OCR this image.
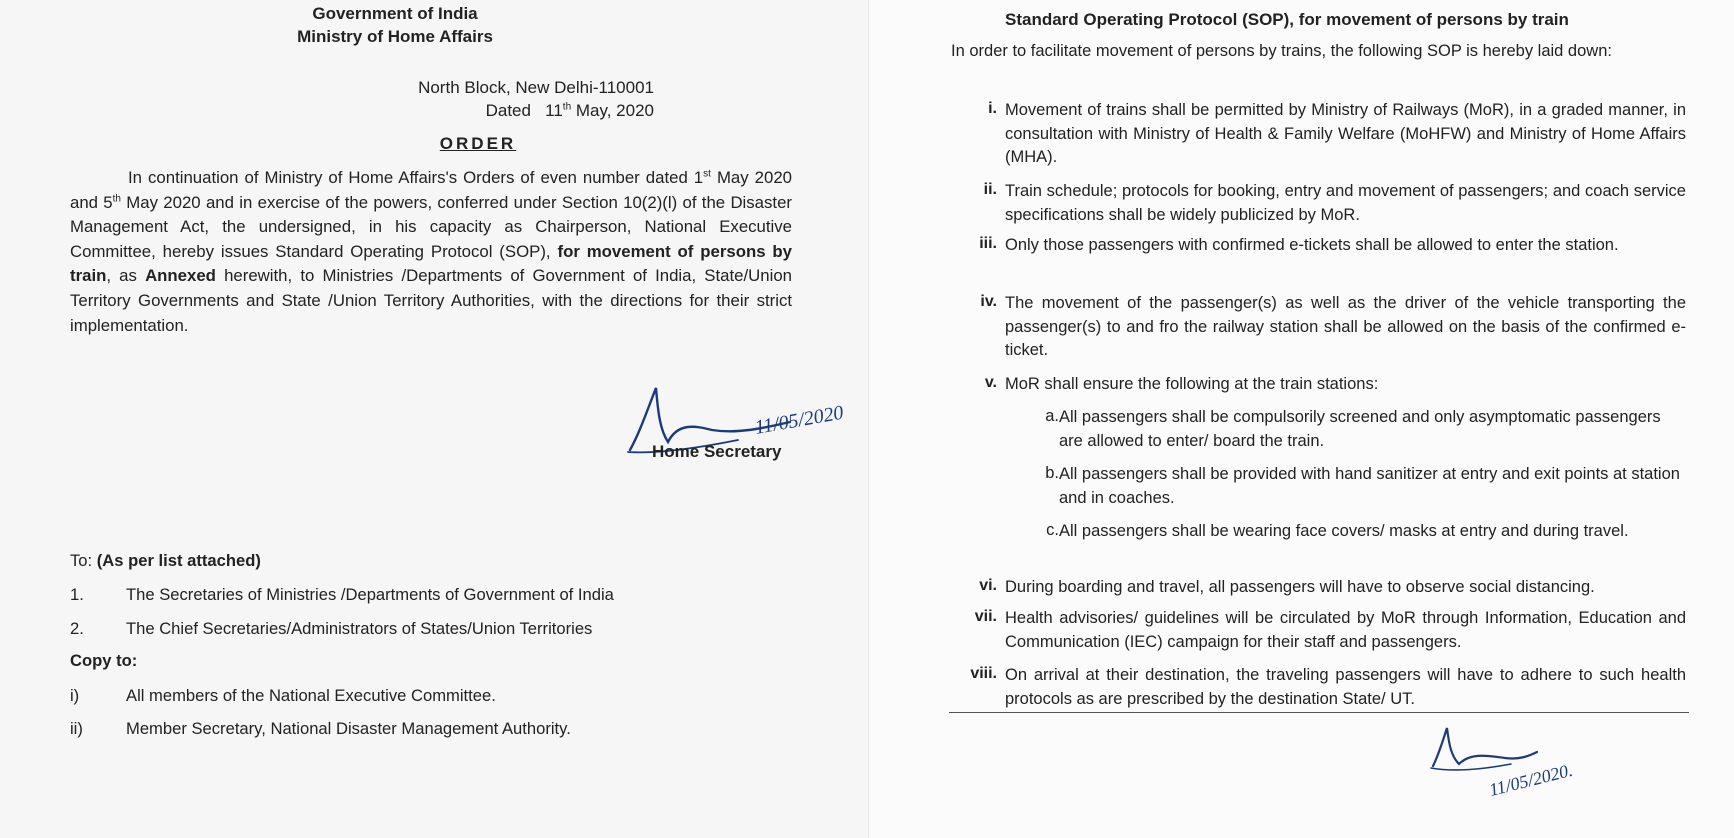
Government of India
Ministry of Home Affairs
North Block, New Delhi-110001
Dated 11th May, 2020
ORDER

In continuation of Ministry of Home Affairs's Orders of even number dated 1st May 2020 and 5th May 2020 and in exercise of the powers, conferred under Section 10(2)(l) of the Disaster Management Act, the undersigned, in his capacity as Chairperson, National Executive Committee, hereby issues Standard Operating Protocol (SOP), for movement of persons by train, as Annexed herewith, to Ministries /Departments of Government of India, State/Union Territory Governments and State /Union Territory Authorities, with the directions for their strict implementation.

11/05/2020
Home Secretary
To: (As per list attached)
1.	The Secretaries of Ministries /Departments of Government of India
2.	The Chief Secretaries/Administrators of States/Union Territories
Copy to:
i)	All members of the National Executive Committee.
ii)	Member Secretary, National Disaster Management Authority.
Standard Operating Protocol (SOP), for movement of persons by train
In order to facilitate movement of persons by trains, the following SOP is hereby laid down:
i. Movement of trains shall be permitted by Ministry of Railways (MoR), in a graded manner, in consultation with Ministry of Health & Family Welfare (MoHFW) and Ministry of Home Affairs (MHA).
ii. Train schedule; protocols for booking, entry and movement of passengers; and coach service specifications shall be widely publicized by MoR.
iii. Only those passengers with confirmed e-tickets shall be allowed to enter the station.
iv. The movement of the passenger(s) as well as the driver of the vehicle transporting the passenger(s) to and fro the railway station shall be allowed on the basis of the confirmed e-ticket.
v. MoR shall ensure the following at the train stations:
a. All passengers shall be compulsorily screened and only asymptomatic passengers are allowed to enter/ board the train.
b. All passengers shall be provided with hand sanitizer at entry and exit points at station and in coaches.
c. All passengers shall be wearing face covers/ masks at entry and during travel.
vi. During boarding and travel, all passengers will have to observe social distancing.
vii. Health advisories/ guidelines will be circulated by MoR through Information, Education and Communication (IEC) campaign for their staff and passengers.
viii. On arrival at their destination, the traveling passengers will have to adhere to such health protocols as are prescribed by the destination State/ UT.
11/05/2020.
